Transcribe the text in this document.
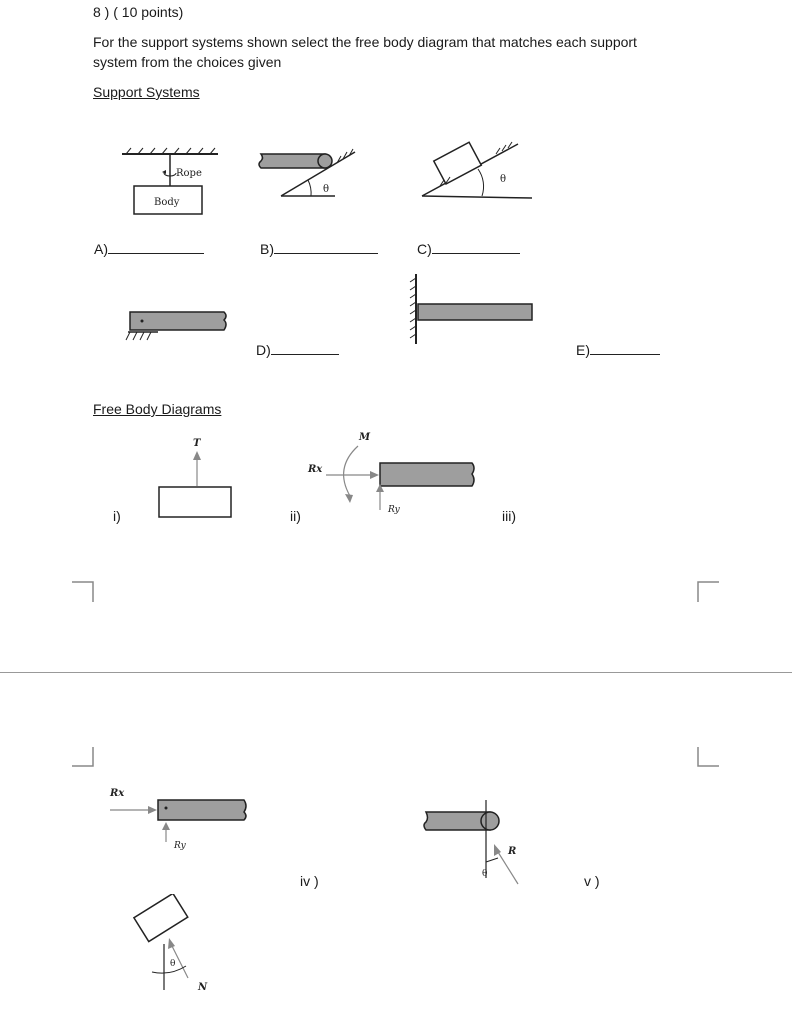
8 ) ( 10 points)
For the support systems shown select the free body diagram that matches each support
system from the choices given
Support Systems
Rope
Body
θ
θ
A)	B)	C)
D)	E)
Free Body Diagrams
T
M
Rx
Ry
i)	ii)	iii)
Rx
Ry	R
θ
iv )	v )
θ
N
